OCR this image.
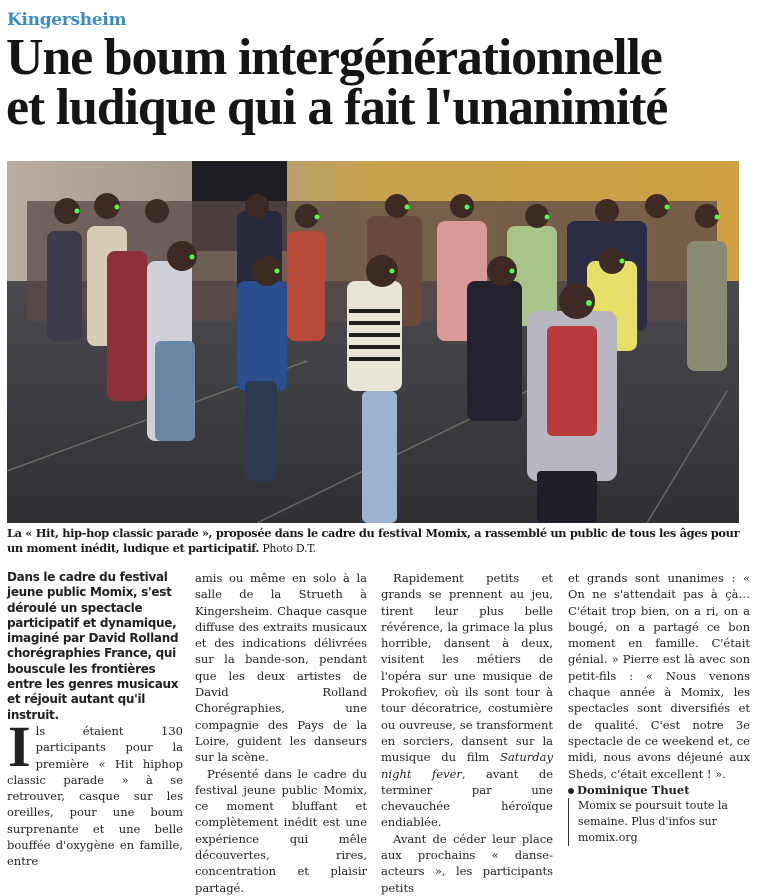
Kingersheim
Une boum intergénérationnelle
et ludique qui a fait l'unanimité

La « Hit, hip-hop classic parade », proposée dans le cadre du festival Momix, a rassemblé un public de tous les âges pour un moment inédit, ludique et participatif. Photo D.T.

Dans le cadre du festival jeune public Momix, s'est déroulé un spectacle participatif et dynamique, imaginé par David Rolland chorégraphies France, qui bouscule les frontières entre les genres musicaux et réjouit autant qu'il instruit.

Ils étaient 130 participants pour la première « Hit hiphop classic parade » à se retrouver, casque sur les oreilles, pour une boum surprenante et une belle bouffée d'oxygène en famille, entre

amis ou même en solo à la salle de la Strueth à Kingersheim. Chaque casque diffuse des extraits musicaux et des indications délivrées sur la bande-son, pendant que les deux artistes de David Rolland Chorégraphies, une compagnie des Pays de la Loire, guident les danseurs sur la scène.

Présenté dans le cadre du festival jeune public Momix, ce moment bluffant et complètement inédit est une expérience qui mêle découvertes, rires, concentration et plaisir partagé.

Rapidement petits et grands se prennent au jeu, tirent leur plus belle révérence, la grimace la plus horrible, dansent à deux, visitent les métiers de l'opéra sur une musique de Prokofiev, où ils sont tour à tour décoratrice, costumière ou ouvreuse, se transforment en sorciers, dansent sur la musique du film Saturday night fever, avant de terminer par une chevauchée héroïque endiablée.

Avant de céder leur place aux prochains « danse-acteurs », les participants petits

et grands sont unanimes : « On ne s'attendait pas à çà… C'était trop bien, on a ri, on a bougé, on a partagé ce bon moment en famille. C'était génial. » Pierre est là avec son petit-fils : « Nous venons chaque année à Momix, les spectacles sont diversifiés et de qualité. C'est notre 3e spectacle de ce weekend et, ce midi, nous avons déjeuné aux Sheds, c'était excellent ! ».

Dominique Thuet

Momix se poursuit toute la semaine. Plus d'infos sur momix.org
